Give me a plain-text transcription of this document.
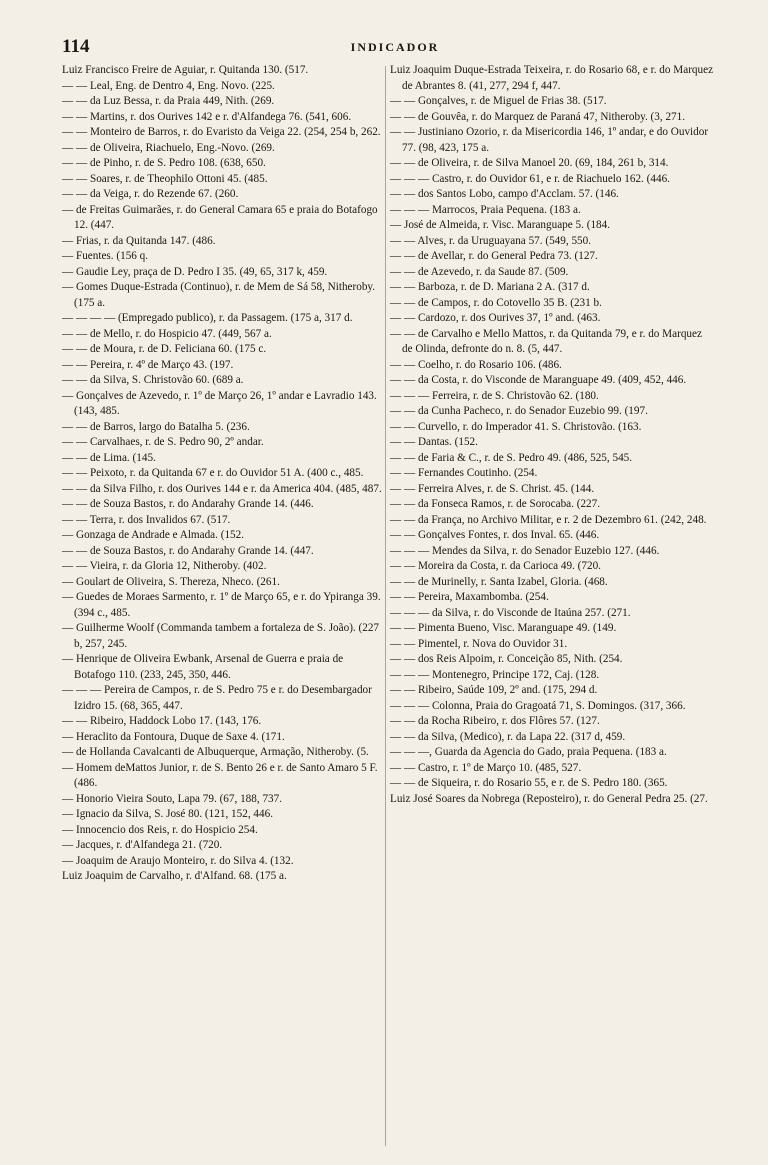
114	INDICADOR

Luiz Francisco Freire de Aguiar, r. Quitanda 130. (517.

— — Leal, Eng. de Dentro 4, Eng. Novo. (225.

— — da Luz Bessa, r. da Praia 449, Nith. (269.

— — Martins, r. dos Ourives 142 e r. d'Alfandega 76. (541, 606.

— — Monteiro de Barros, r. do Evaristo da Veiga 22. (254, 254 b, 262.

— — de Oliveira, Riachuelo, Eng.-Novo. (269.

— — de Pinho, r. de S. Pedro 108. (638, 650.

— — Soares, r. de Theophilo Ottoni 45. (485.

— — da Veiga, r. do Rezende 67. (260.

— de Freitas Guimarães, r. do General Camara 65 e praia do Botafogo 12. (447.

— Frias, r. da Quitanda 147. (486.

— Fuentes. (156 q.

— Gaudie Ley, praça de D. Pedro I 35. (49, 65, 317 k, 459.

— Gomes Duque-Estrada (Continuo), r. de Mem de Sá 58, Nitheroby. (175 a.

— — — — (Empregado publico), r. da Passagem. (175 a, 317 d.

— — de Mello, r. do Hospicio 47. (449, 567 a.

— — de Moura, r. de D. Feliciana 60. (175 c.

— — Pereira, r. 4º de Março 43. (197.

— — da Silva, S. Christovão 60. (689 a.

— Gonçalves de Azevedo, r. 1º de Março 26, 1º andar e Lavradio 143. (143, 485.

— — de Barros, largo do Batalha 5. (236.

— — Carvalhaes, r. de S. Pedro 90, 2º andar.

— — de Lima. (145.

— — Peixoto, r. da Quitanda 67 e r. do Ouvidor 51 A. (400 c., 485.

— — da Silva Filho, r. dos Ourives 144 e r. da America 404. (485, 487.

— — de Souza Bastos, r. do Andarahy Grande 14. (446.

— — Terra, r. dos Invalidos 67. (517.

— Gonzaga de Andrade e Almada. (152.

— — de Souza Bastos, r. do Andarahy Grande 14. (447.

— — Vieira, r. da Gloria 12, Nitheroby. (402.

— Goulart de Oliveira, S. Thereza, Nheco. (261.

— Guedes de Moraes Sarmento, r. 1º de Março 65, e r. do Ypiranga 39. (394 c., 485.

— Guilherme Woolf (Commanda tambem a fortaleza de S. João). (227 b, 257, 245.

— Henrique de Oliveira Ewbank, Arsenal de Guerra e praia de Botafogo 110. (233, 245, 350, 446.

— — — Pereira de Campos, r. de S. Pedro 75 e r. do Desembargador Izidro 15. (68, 365, 447.

— — Ribeiro, Haddock Lobo 17. (143, 176.

— Heraclito da Fontoura, Duque de Saxe 4. (171.

— de Hollanda Cavalcanti de Albuquerque, Armação, Nitheroby. (5.

— Homem deMattos Junior, r. de S. Bento 26 e r. de Santo Amaro 5 F. (486.

— Honorio Vieira Souto, Lapa 79. (67, 188, 737.

— Ignacio da Silva, S. José 80. (121, 152, 446.

— Innocencio dos Reis, r. do Hospicio 254.

— Jacques, r. d'Alfandega 21. (720.

— Joaquim de Araujo Monteiro, r. do Silva 4. (132.

Luiz Joaquim de Carvalho, r. d'Alfand. 68. (175 a.

Luiz Joaquim Duque-Estrada Teixeira, r. do Rosario 68, e r. do Marquez de Abrantes 8. (41, 277, 294 f, 447.

— — Gonçalves, r. de Miguel de Frias 38. (517.

— — de Gouvêa, r. do Marquez de Paraná 47, Nitheroby. (3, 271.

— — Justiniano Ozorio, r. da Misericordia 146, 1º andar, e do Ouvidor 77. (98, 423, 175 a.

— — de Oliveira, r. de Silva Manoel 20. (69, 184, 261 b, 314.

— — — Castro, r. do Ouvidor 61, e r. de Riachuelo 162. (446.

— — dos Santos Lobo, campo d'Acclam. 57. (146.

— — — Marrocos, Praia Pequena. (183 a.

— José de Almeida, r. Visc. Maranguape 5. (184.

— — Alves, r. da Uruguayana 57. (549, 550.

— — de Avellar, r. do General Pedra 73. (127.

— — de Azevedo, r. da Saude 87. (509.

— — Barboza, r. de D. Mariana 2 A. (317 d.

— — de Campos, r. do Cotovello 35 B. (231 b.

— — Cardozo, r. dos Ourives 37, 1º and. (463.

— — de Carvalho e Mello Mattos, r. da Quitanda 79, e r. do Marquez de Olinda, defronte do n. 8. (5, 447.

— — Coelho, r. do Rosario 106. (486.

— — da Costa, r. do Visconde de Maranguape 49. (409, 452, 446.

— — — Ferreira, r. de S. Christovão 62. (180.

— — da Cunha Pacheco, r. do Senador Euzebio 99. (197.

— — Curvello, r. do Imperador 41. S. Christovão. (163.

— — Dantas. (152.

— — de Faria & C., r. de S. Pedro 49. (486, 525, 545.

— — Fernandes Coutinho. (254.

— — Ferreira Alves, r. de S. Christ. 45. (144.

— — da Fonseca Ramos, r. de Sorocaba. (227.

— — da França, no Archivo Militar, e r. 2 de Dezembro 61. (242, 248.

— — Gonçalves Fontes, r. dos Inval. 65. (446.

— — — Mendes da Silva, r. do Senador Euzebio 127. (446.

— — Moreira da Costa, r. da Carioca 49. (720.

— — de Murinelly, r. Santa Izabel, Gloria. (468.

— — Pereira, Maxambomba. (254.

— — — da Silva, r. do Visconde de Itaúna 257. (271.

— — Pimenta Bueno, Visc. Maranguape 49. (149.

— — Pimentel, r. Nova do Ouvidor 31.

— — dos Reis Alpoim, r. Conceição 85, Nith. (254.

— — — Montenegro, Principe 172, Caj. (128.

— — Ribeiro, Saúde 109, 2º and. (175, 294 d.

— — — Colonna, Praia do Gragoatá 71, S. Domingos. (317, 366.

— — da Rocha Ribeiro, r. dos Flôres 57. (127.

— — da Silva, (Medico), r. da Lapa 22. (317 d, 459.

— — —, Guarda da Agencia do Gado, praia Pequena. (183 a.

— — Castro, r. 1º de Março 10. (485, 527.

— — de Siqueira, r. do Rosario 55, e r. de S. Pedro 180. (365.

Luiz José Soares da Nobrega (Reposteiro), r. do General Pedra 25. (27.
